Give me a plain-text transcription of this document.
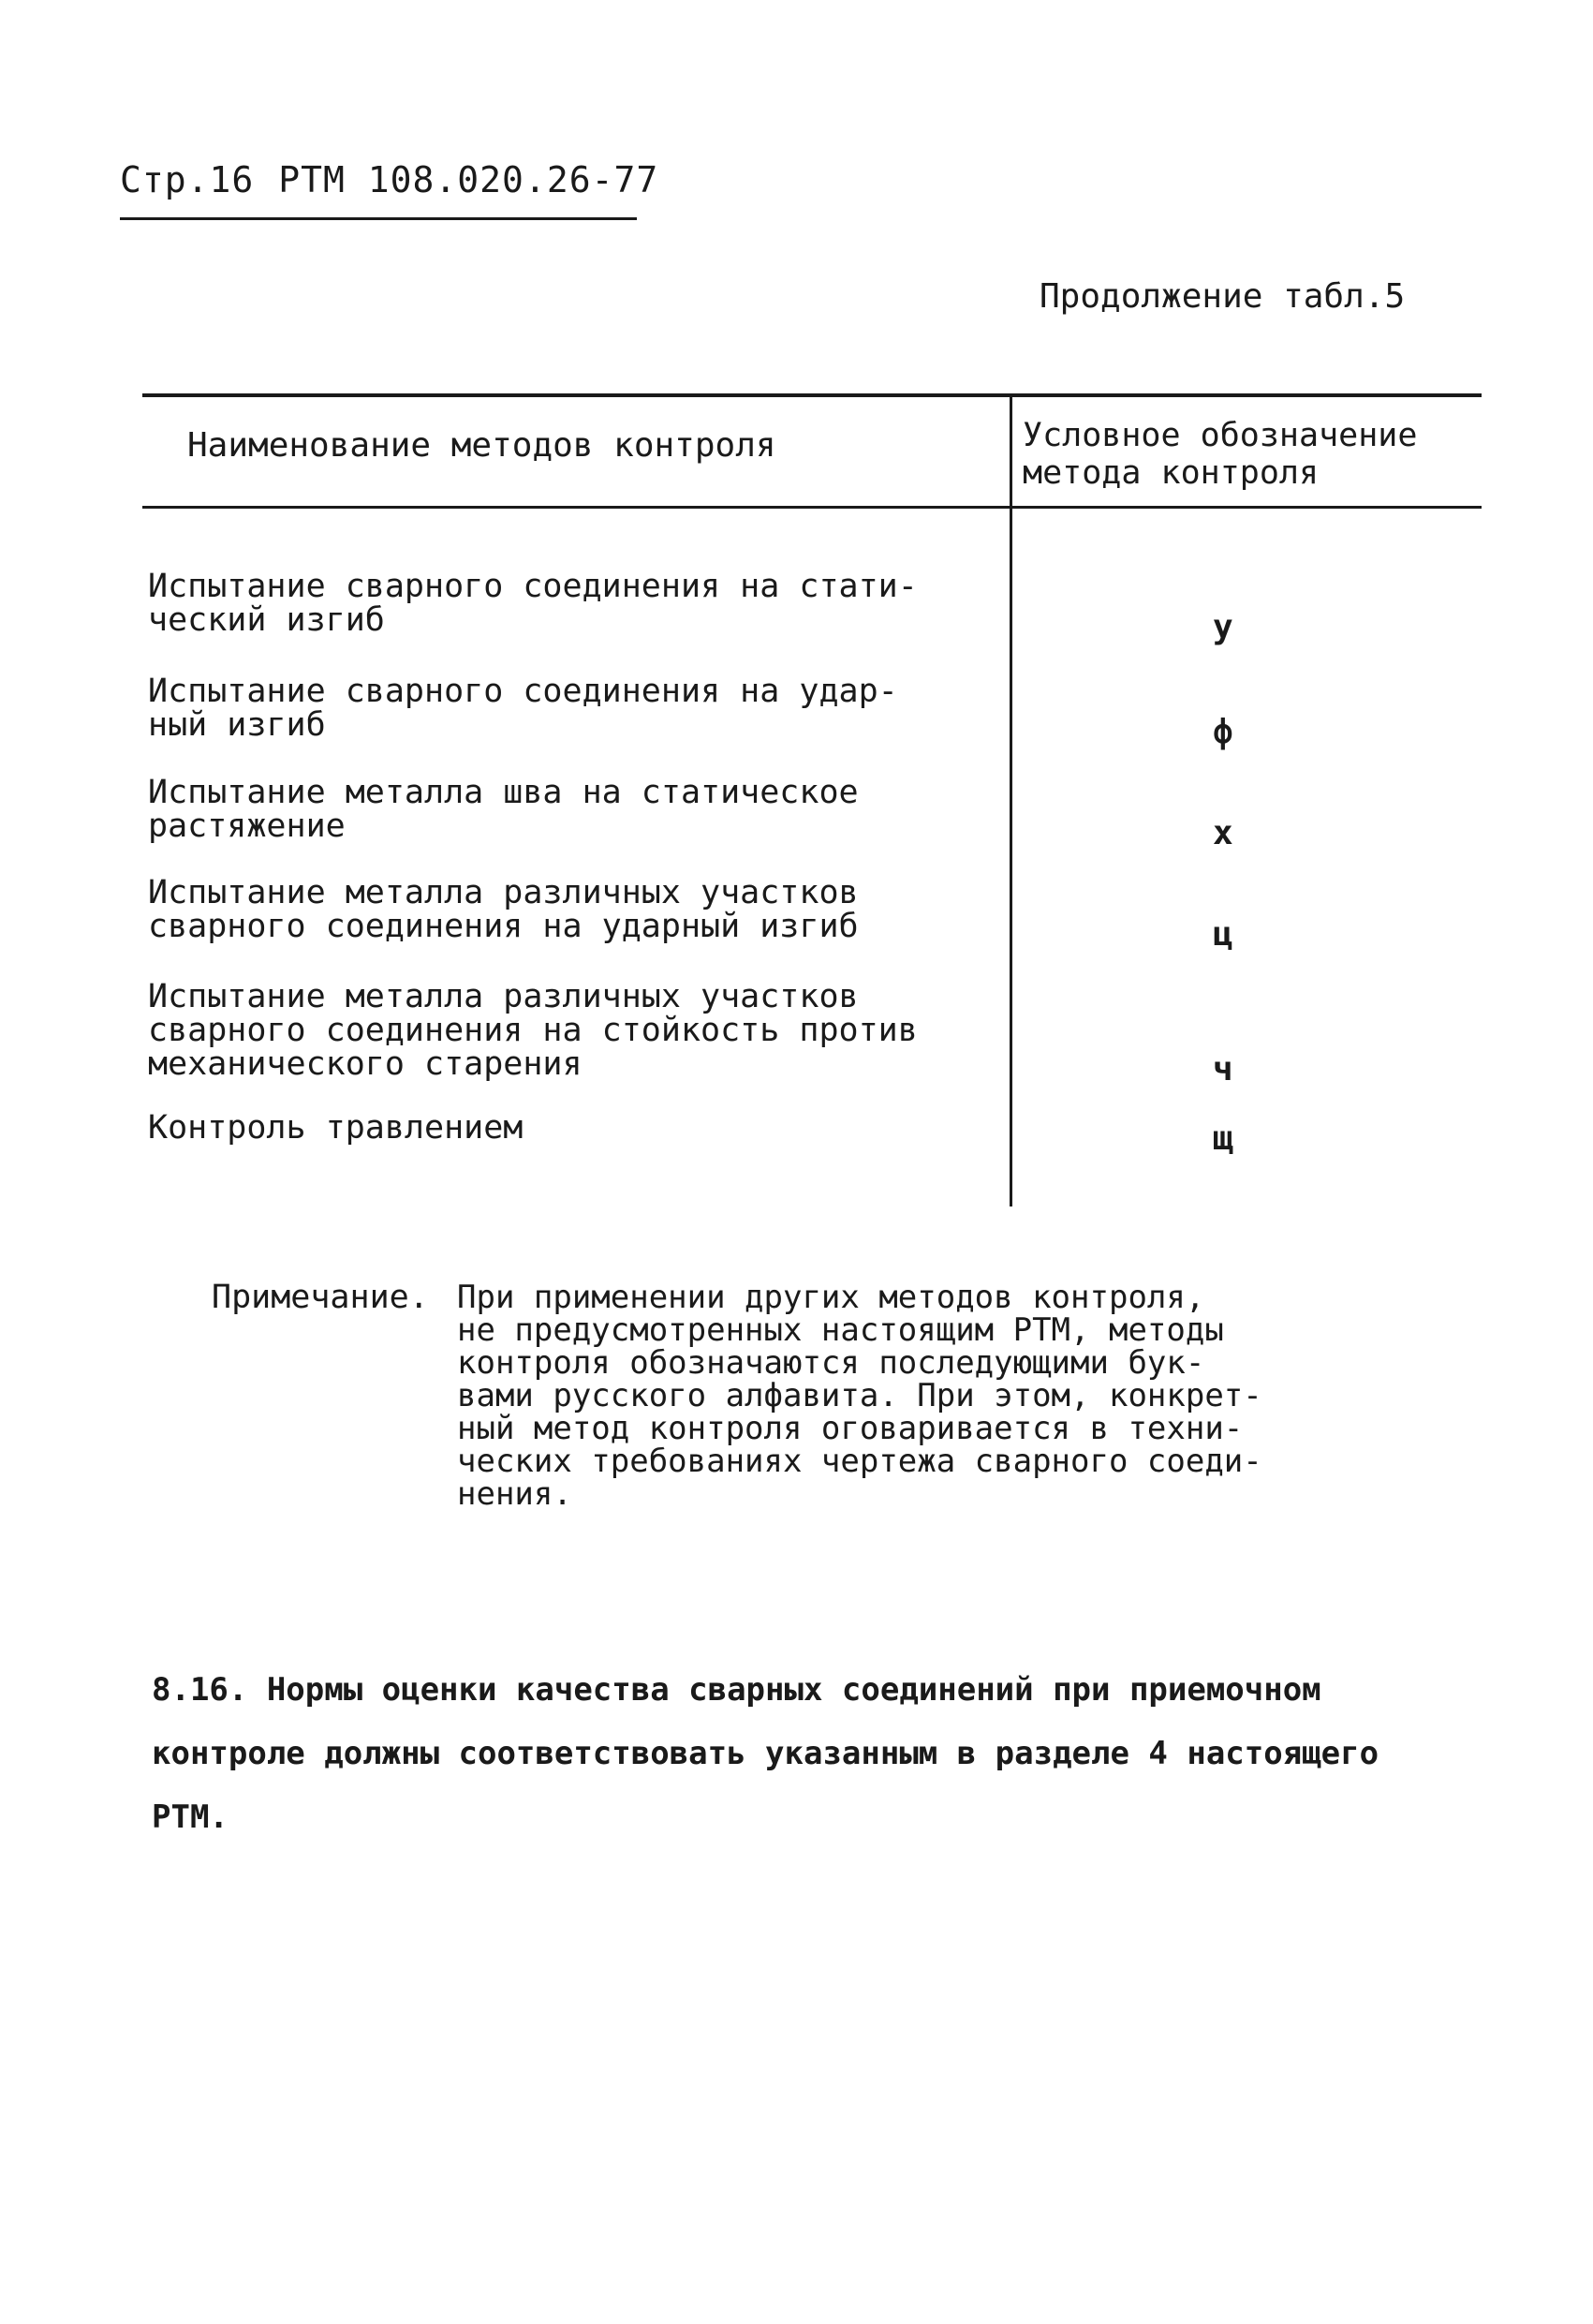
Стр.16 РТМ 108.020.26-77
Продолжение табл.5
Наименование методов контроля	Условное обозначение
метода контроля
Испытание сварного соединения на стати-
ческий изгиб	у
Испытание сварного соединения на удар-
ный изгиб	ф
Испытание металла шва на статическое
растяжение	х
Испытание металла различных участков
сварного соединения на ударный изгиб	ц
Испытание металла различных участков
сварного соединения на стойкость против
механического старения	ч
Контроль травлением	щ
Примечание. При применении других методов контроля,
не предусмотренных настоящим РТМ, методы
контроля обозначаются последующими бук-
вами русского алфавита. При этом, конкрет-
ный метод контроля оговаривается в техни-
ческих требованиях чертежа сварного соеди-
нения.
8.16. Нормы оценки качества сварных соединений при приемочном
контроле должны соответствовать указанным в разделе 4 настоящего
РТМ.
